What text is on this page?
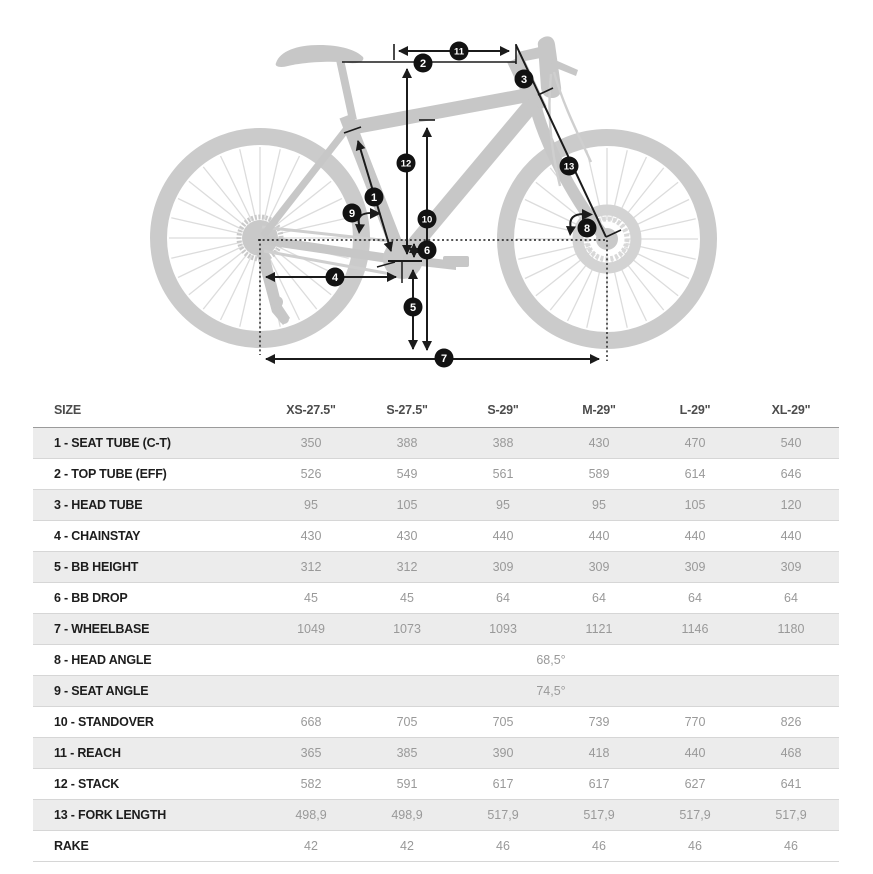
1
2
3
4
5
6
7
8
9	10
11
12	13
SIZE	XS-27.5"	S-27.5"	S-29"	M-29"	L-29"	XL-29"
1 - SEAT TUBE (C-T)	350	388	388	430	470	540
2 - TOP TUBE (EFF)	526	549	561	589	614	646
3 - HEAD TUBE	95	105	95	95	105	120
4 - CHAINSTAY	430	430	440	440	440	440
5 - BB HEIGHT	312	312	309	309	309	309
6 - BB DROP	45	45	64	64	64	64
7 - WHEELBASE	1049	1073	1093	1121	1146	1180
8 - HEAD ANGLE	68,5°					
9 - SEAT ANGLE	74,5°					
10 - STANDOVER	668	705	705	739	770	826
11 - REACH	365	385	390	418	440	468
12 - STACK	582	591	617	617	627	641
13 - FORK LENGTH	498,9	498,9	517,9	517,9	517,9	517,9
RAKE	42	42	46	46	46	46
